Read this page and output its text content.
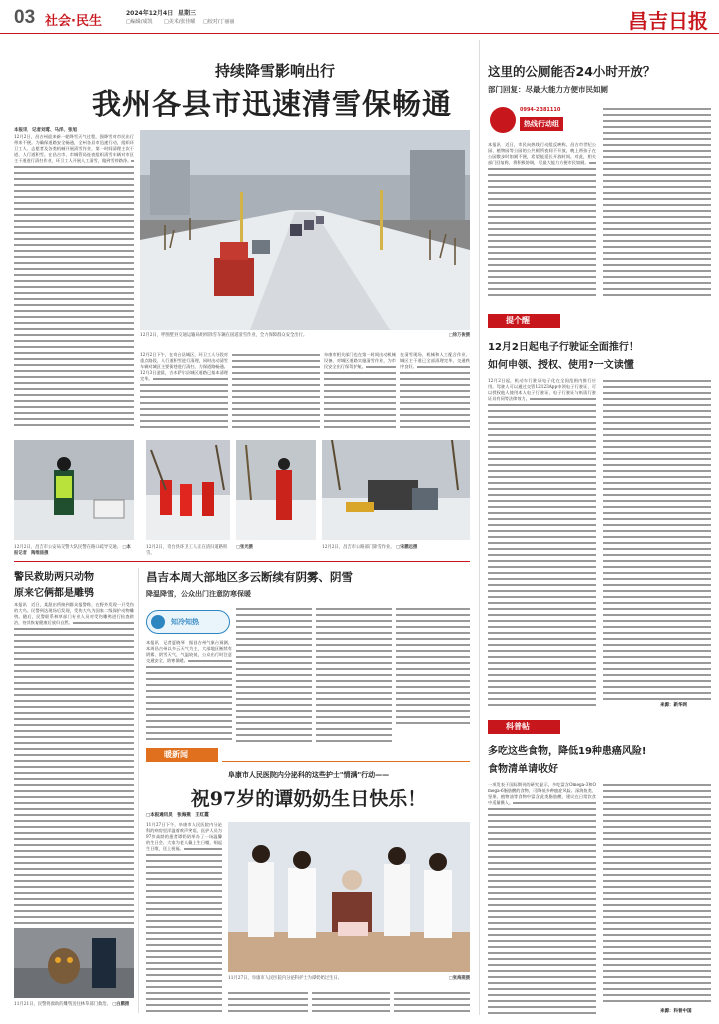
03 社会·民生
2024年12月4日 星期三
□编辑/成凯 □美术/张佳曜 □校对/丁丽丽	昌吉日报
持续降雪影响出行
我州各县市迅速清雪保畅通
本报讯　记者刘莺、马洋、张旭
12月2日，昌吉州迎来新一轮降雪天气过程，强降雪对市民出行带来不便。为确保道路安全畅通，全州各县市迅速行动，组织环卫工人、志愿者及各类机械开展清雪作业，第一时间清理主次干道、人行道积雪。在昌吉市，市城管局连夜组织清雪车辆对市区主干道进行清扫作业，环卫工人开展人工清雪，做到雪停路净。
12月2日，呼图壁县交通运输局组织除雪车辆在国道清雪作业，全力保障群众安全出行。	□徐万俊摄
12月2日下午，在奇台县城区，环卫工人分段对重点路段、人行道积雪进行清理，同时出动清雪车辆对城区主要街巷进行清扫，力保道路畅通。12月3日凌晨，吉木萨尔县城区道路已基本清理完毕。
阜康市相关部门也在第一时间出动机械设备，对城区道路实施清雪作业，为市民安全出行保驾护航。
在清雪现场，机械和人工配合作业，城区主干道已全部清理完毕，交通秩序良好。
12月2日，昌吉市公安局交警大队民警在路口疏导交通。 □本报记者　陶维喆摄
12月2日，奇台县环卫工人正在清扫道路积雪。
□张光摄	12月2日，昌吉市公路部门除雪作业。 □宋鹏远摄
这里的公厕能否24小时开放？
部门回复：尽最大能力方便市民如厕
0994-2381110
热线行动组
本报讯　近日，市民向热线行动组反映称，昌吉市世纪公园、植物园等公园的公共厕所夜间不开放，晚上带孩子在公园散步时如厕不便，希望能延长开放时间。对此，相关部门回复称，将积极协调，尽最大能力方便市民如厕。
提个醒
12月2日起电子行驶证全面推行！
如何申领、授权、使用?一文读懂
12月2日起，机动车行驶证电子化在全国范围内推行应用。驾驶人可以通过交管12123App申领电子行驶证，可以授权他人使用本人电子行驶证，电子行驶证与纸质行驶证具有同等法律效力。
来源：新华网
科普帖
多吃这些食物，降低19种患癌风险!
食物清单请收好
一项发表于国际期刊的研究显示，多吃富含Omega-3和Omega-6脂肪酸的食物，可降低多种癌症风险。深海鱼类、坚果、植物油等食物中富含此类脂肪酸，建议在日常饮食中适量摄入。
来源：科普中国
警民救助两只动物
原来它俩都是雕鸮
本报讯　近日，某派出所接到群众报警称，在野外发现一只受伤的大鸟。民警到达现场后发现，受伤大鸟为国家二级保护动物雕鸮。随后，民警联系林草部门专业人员对受伤雕鸮进行检查救治，待其恢复健康后放归自然。
11月21日，民警将救助的雕鸮送往林草部门救治。 □白鹏摄
昌吉本周大部地区多云断续有阴雾、阴雪
降温降雪，公众出门注意防寒保暖
知冷知热
本报讯　记者夏晓琴　据昌吉州气象台预测，本周昌吉州以多云天气为主，大部地区断续有阴雾、阴雪天气，气温较低，公众出行时注意交通安全、防寒保暖。
暖新闻
阜康市人民医院内分泌科的这些护士"情满"行动——
祝97岁的谭奶奶生日快乐！
□本报通讯员　张海燕　王红霞
11月27日下午，阜康市人民医院内分泌科的病房里洋溢着欢声笑语，医护人员为97岁高龄的患者谭奶奶举办了一场温馨的生日会。大家为老人戴上生日帽，唱起生日歌，送上祝福。
11月27日，阜康市人民医院内分泌科护士为谭奶奶过生日。	□张海燕摄
